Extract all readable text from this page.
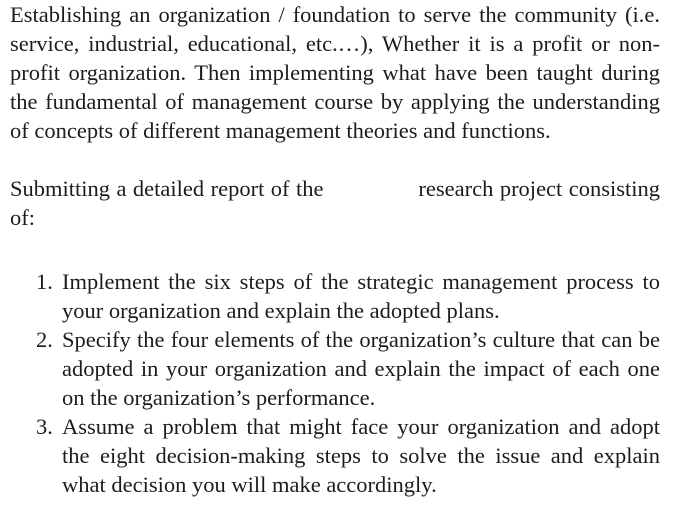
Establishing an organization / foundation to serve the community (i.e. service, industrial, educational, etc.…), Whether it is a profit or non-profit organization. Then implementing what have been taught during the fundamental of management course by applying the understanding of concepts of different management theories and functions.

Submitting a detailed report of the	research project consisting of:

1. Implement the six steps of the strategic management process to your organization and explain the adopted plans.
2. Specify the four elements of the organization’s culture that can be adopted in your organization and explain the impact of each one on the organization’s performance.
3. Assume a problem that might face your organization and adopt the eight decision-making steps to solve the issue and explain what decision you will make accordingly.
